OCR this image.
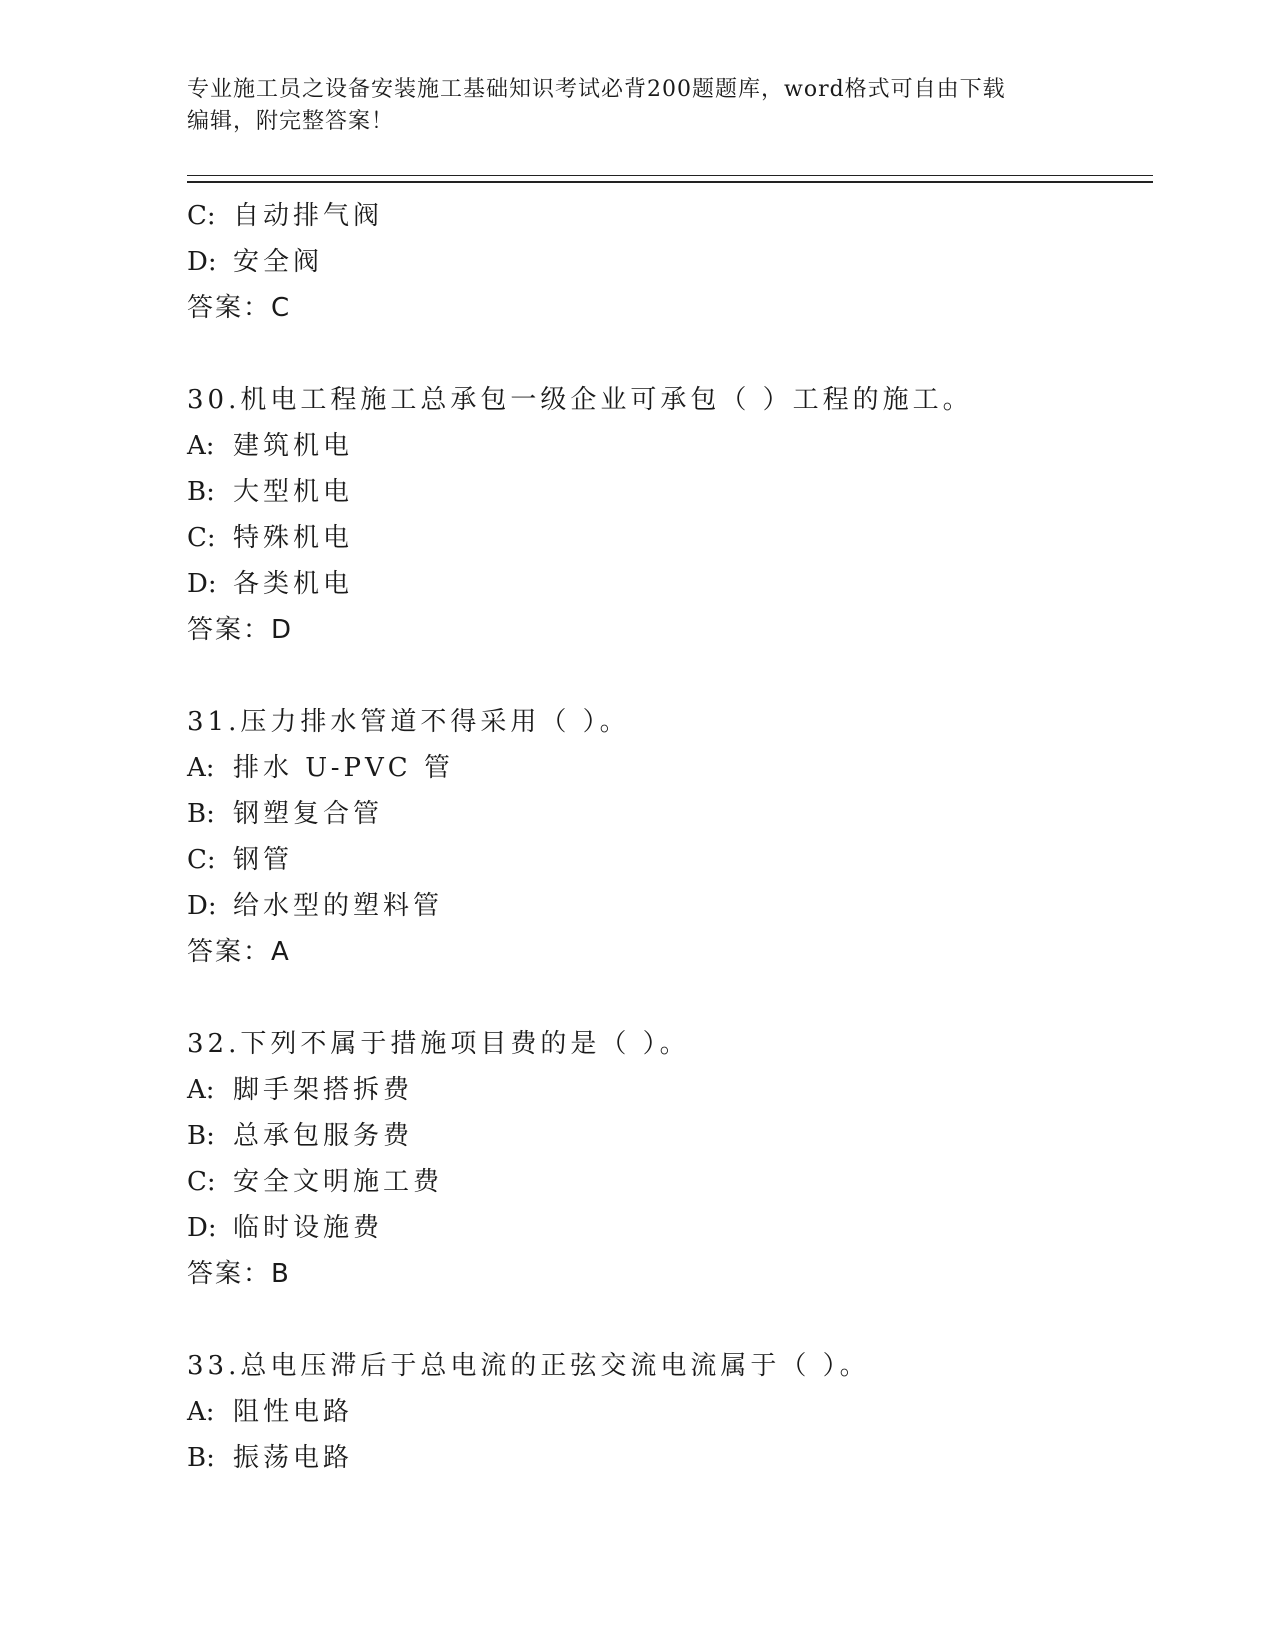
专业施工员之设备安装施工基础知识考试必背200题题库，word格式可自由下载
编辑，附完整答案！
C: 自动排气阀
D: 安全阀
答案：C
30.机电工程施工总承包一级企业可承包（ ）工程的施工。
A: 建筑机电
B: 大型机电
C: 特殊机电
D: 各类机电
答案：D
31.压力排水管道不得采用（ ）。
A: 排水 U-PVC 管
B: 钢塑复合管
C: 钢管
D: 给水型的塑料管
答案：A
32.下列不属于措施项目费的是（ ）。
A: 脚手架搭拆费
B: 总承包服务费
C: 安全文明施工费
D: 临时设施费
答案：B
33.总电压滞后于总电流的正弦交流电流属于（ ）。
A: 阻性电路
B: 振荡电路
